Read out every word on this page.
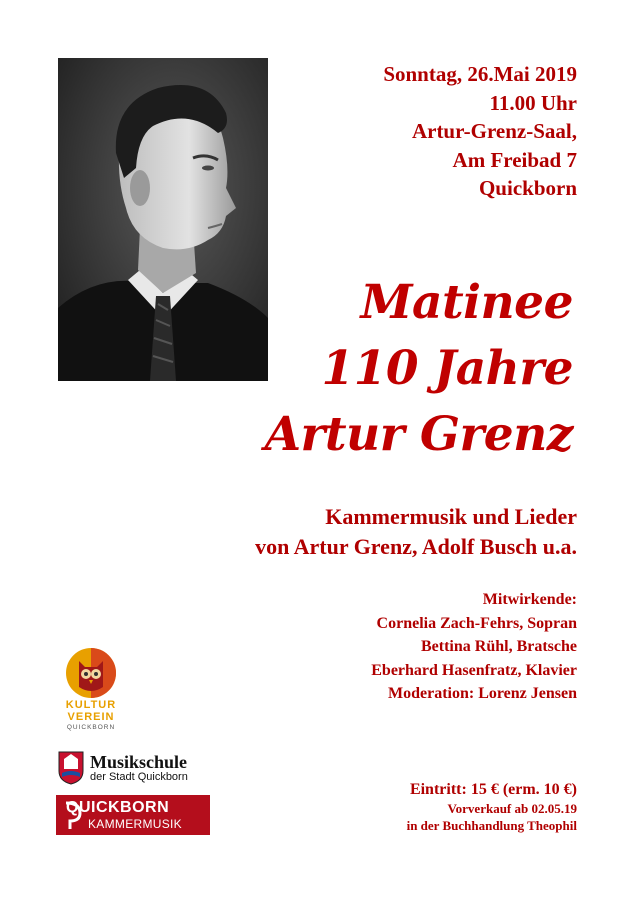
Sonntag, 26.Mai 2019
11.00 Uhr
Artur-Grenz-Saal,
Am Freibad 7
Quickborn
Matinee
110 Jahre
Artur Grenz
Kammermusik und Lieder
von Artur Grenz, Adolf Busch u.a.
Mitwirkende:
Cornelia Zach-Fehrs, Sopran
Bettina Rühl, Bratsche
Eberhard Hasenfratz, Klavier
Moderation: Lorenz Jensen
Eintritt: 15 € (erm. 10 €)
Vorverkauf ab 02.05.19
in der Buchhandlung Theophil
KULTUR
VEREIN
QUICKBORN
Musikschule
der Stadt Quickborn
QUICKBORN
KAMMERMUSIK
